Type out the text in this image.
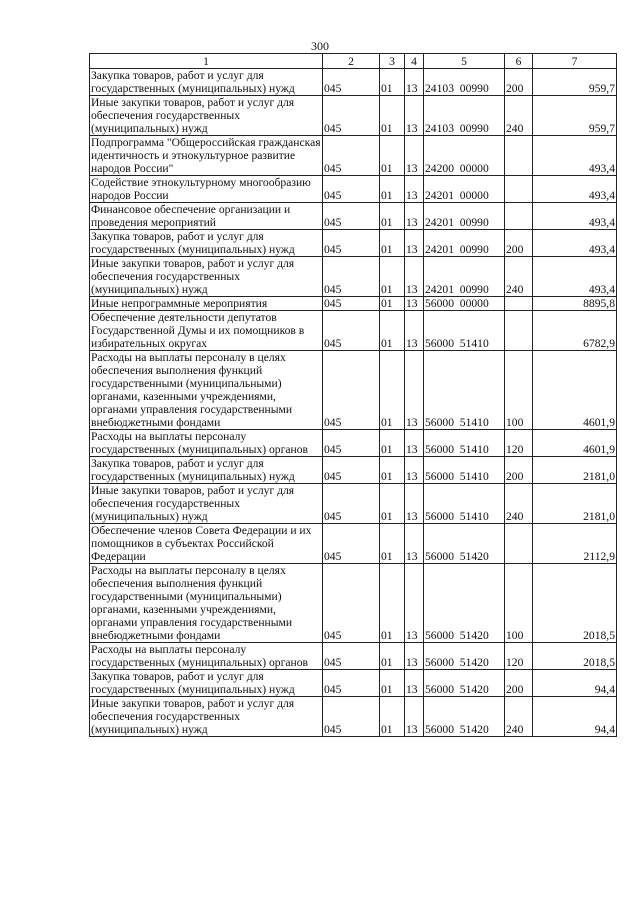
300
1	2	3	4	5	6	7
Закупка товаров, работ и услуг для государственных (муниципальных) нужд	045	01	13	24103  00990	200	959,7
Иные закупки товаров, работ и услуг для обеспечения государственных (муниципальных) нужд	045	01	13	24103  00990	240	959,7
Подпрограмма "Общероссийская гражданская идентичность и этнокультурное развитие народов России"	045	01	13	24200  00000		493,4
Содействие этнокультурному многообразию народов России	045	01	13	24201  00000		493,4
Финансовое обеспечение организации и проведения мероприятий	045	01	13	24201  00990		493,4
Закупка товаров, работ и услуг для государственных (муниципальных) нужд	045	01	13	24201  00990	200	493,4
Иные закупки товаров, работ и услуг для обеспечения государственных (муниципальных) нужд	045	01	13	24201  00990	240	493,4
Иные непрограммные мероприятия	045	01	13	56000  00000		8895,8
Обеспечение деятельности депутатов Государственной Думы и их помощников в избирательных округах	045	01	13	56000  51410		6782,9
Расходы на выплаты персоналу в целях обеспечения выполнения функций государственными (муниципальными) органами, казенными учреждениями, органами управления государственными внебюджетными фондами	045	01	13	56000  51410	100	4601,9
Расходы на выплаты персоналу государственных (муниципальных) органов	045	01	13	56000  51410	120	4601,9
Закупка товаров, работ и услуг для государственных (муниципальных) нужд	045	01	13	56000  51410	200	2181,0
Иные закупки товаров, работ и услуг для обеспечения государственных (муниципальных) нужд	045	01	13	56000  51410	240	2181,0
Обеспечение членов Совета Федерации и их помощников в субъектах Российской Федерации	045	01	13	56000  51420		2112,9
Расходы на выплаты персоналу в целях обеспечения выполнения функций государственными (муниципальными) органами, казенными учреждениями, органами управления государственными внебюджетными фондами	045	01	13	56000  51420	100	2018,5
Расходы на выплаты персоналу государственных (муниципальных) органов	045	01	13	56000  51420	120	2018,5
Закупка товаров, работ и услуг для государственных (муниципальных) нужд	045	01	13	56000  51420	200	94,4
Иные закупки товаров, работ и услуг для обеспечения государственных (муниципальных) нужд	045	01	13	56000  51420	240	94,4
